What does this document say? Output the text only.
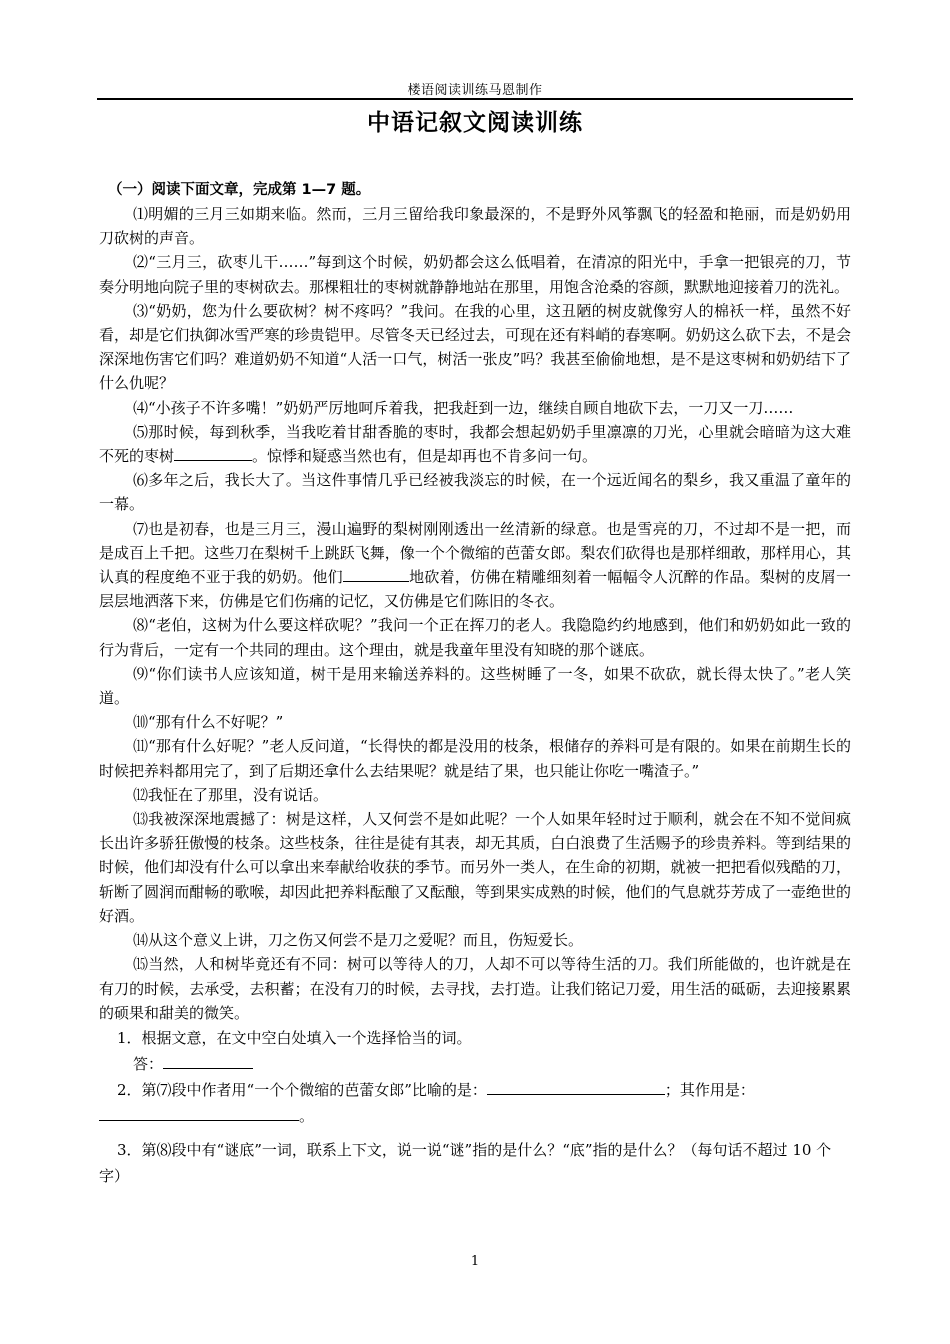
楼语阅读训练马恩制作
中语记叙文阅读训练
（一）阅读下面文章，完成第 1—7 题。

⑴明媚的三月三如期来临。然而，三月三留给我印象最深的，不是野外风筝飘飞的轻盈和艳丽，而是奶奶用刀砍树的声音。

⑵“三月三，砍枣儿干……”每到这个时候，奶奶都会这么低唱着，在清凉的阳光中，手拿一把银亮的刀，节奏分明地向院子里的枣树砍去。那棵粗壮的枣树就静静地站在那里，用饱含沧桑的容颜，默默地迎接着刀的洗礼。

⑶“奶奶，您为什么要砍树？树不疼吗？”我问。在我的心里，这丑陋的树皮就像穷人的棉袄一样，虽然不好看，却是它们执御冰雪严寒的珍贵铠甲。尽管冬天已经过去，可现在还有料峭的春寒啊。奶奶这么砍下去，不是会深深地伤害它们吗？难道奶奶不知道“人活一口气，树活一张皮”吗？我甚至偷偷地想，是不是这枣树和奶奶结下了什么仇呢？

⑷“小孩子不许多嘴！”奶奶严厉地呵斥着我，把我赶到一边，继续自顾自地砍下去，一刀又一刀……

⑸那时候，每到秋季，当我吃着甘甜香脆的枣时，我都会想起奶奶手里凛凛的刀光，心里就会暗暗为这大难不死的枣树	。惊悸和疑惑当然也有，但是却再也不肯多问一句。

⑹多年之后，我长大了。当这件事情几乎已经被我淡忘的时候，在一个远近闻名的梨乡，我又重温了童年的一幕。

⑺也是初春，也是三月三，漫山遍野的梨树刚刚透出一丝清新的绿意。也是雪亮的刀，不过却不是一把，而是成百上千把。这些刀在梨树千上跳跃飞舞，像一个个微缩的芭蕾女郎。梨农们砍得也是那样细敢，那样用心，其认真的程度绝不亚于我的奶奶。他们	地砍着，仿佛在精雕细刻着一幅幅令人沉醉的作品。梨树的皮屑一层层地洒落下来，仿佛是它们伤痛的记忆，又仿佛是它们陈旧的冬衣。

⑻“老伯，这树为什么要这样砍呢？”我问一个正在挥刀的老人。我隐隐约约地感到，他们和奶奶如此一致的行为背后，一定有一个共同的理由。这个理由，就是我童年里没有知晓的那个谜底。

⑼“你们读书人应该知道，树干是用来输送养料的。这些树睡了一冬，如果不砍砍，就长得太快了。”老人笑道。

⑽“那有什么不好呢？”

⑾“那有什么好呢？”老人反问道，“长得快的都是没用的枝条，根储存的养料可是有限的。如果在前期生长的时候把养料都用完了，到了后期还拿什么去结果呢？就是结了果，也只能让你吃一嘴渣子。”

⑿我怔在了那里，没有说话。

⒀我被深深地震撼了：树是这样，人又何尝不是如此呢？一个人如果年轻时过于顺利，就会在不知不觉间疯长出许多骄狂傲慢的枝条。这些枝条，往往是徒有其表，却无其质，白白浪费了生活赐予的珍贵养料。等到结果的时候，他们却没有什么可以拿出来奉献给收获的季节。而另外一类人，在生命的初期，就被一把把看似残酷的刀，斩断了圆润而酣畅的歌喉，却因此把养料酝酿了又酝酿，等到果实成熟的时候，他们的气息就芬芳成了一壶绝世的好酒。

⒁从这个意义上讲，刀之伤又何尝不是刀之爱呢？而且，伤短爱长。

⒂当然，人和树毕竟还有不同：树可以等待人的刀，人却不可以等待生活的刀。我们所能做的，也许就是在有刀的时候，去承受，去积蓄；在没有刀的时候，去寻找，去打造。让我们铭记刀爱，用生活的砥砺，去迎接累累的硕果和甜美的微笑。

1．根据文意，在文中空白处填入一个选择恰当的词。

答：

2．第⑺段中作者用“一个个微缩的芭蕾女郎”比喻的是：	；其作用是：

。

3．第⑻段中有“谜底”一词，联系上下文，说一说“谜”指的是什么？“底”指的是什么？（每句话不超过 10 个字）

1
